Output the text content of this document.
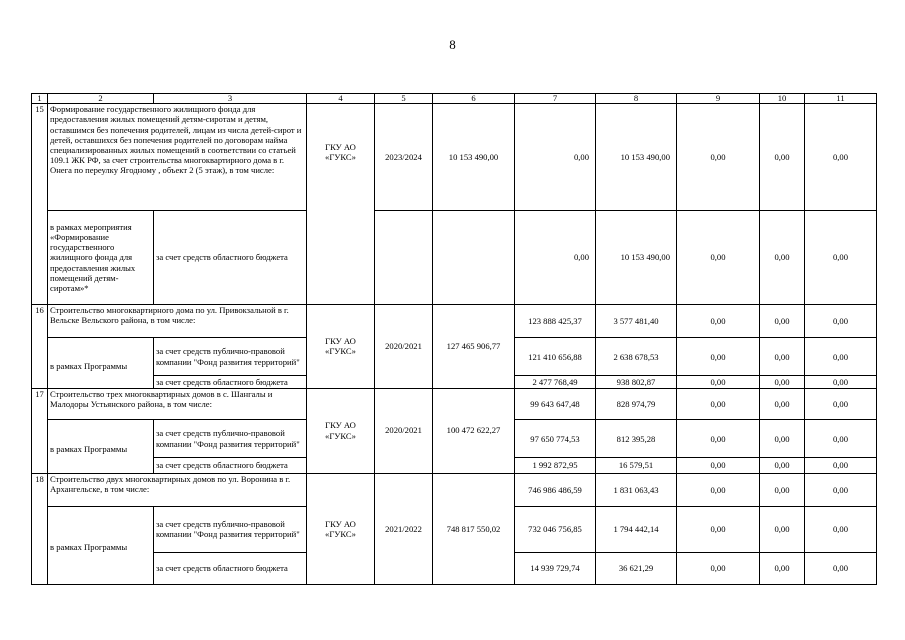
8
1	2	3	4	5	6	7	8	9	10	11
15	Формирование государственного жилищного фонда для предоставления жилых помещений детям-сиротам и детям, оставшимся без попечения родителей, лицам из числа детей-сирот и детей, оставшихся без попечения родителей по договорам найма специализированных жилых помещений в соответствии со статьей 109.1 ЖК РФ, за счет строительства многоквартирного дома в г. Онега по переулку Ягодному , объект 2 (5 этаж), в том числе:		ГКУ АО «ГУКС»	2023/2024	10 153 490,00	0,00	10 153 490,00	0,00	0,00	0,00
	в рамках мероприятия «Формирование государственного жилищного фонда для предоставления жилых помещений детям-сиротам»*	за счет средств областного бюджета				0,00	10 153 490,00	0,00	0,00	0,00
16	Строительство многоквартирного дома по ул. Привокзальной в г. Вельске Вельского района, в том числе:		ГКУ АО «ГУКС»	2020/2021	127 465 906,77	123 888 425,37	3 577 481,40	0,00	0,00	0,00
	в рамках Программы	за счет средств публично-правовой компании "Фонд развития территорий"				121 410 656,88	2 638 678,53	0,00	0,00	0,00
		за счет средств областного бюджета				2 477 768,49	938 802,87	0,00	0,00	0,00
17	Строительство трех многоквартирных домов в с. Шангалы и Малодоры Устьянского района, в том числе:		ГКУ АО «ГУКС»	2020/2021	100 472 622,27	99 643 647,48	828 974,79	0,00	0,00	0,00
	в рамках Программы	за счет средств публично-правовой компании "Фонд развития территорий"				97 650 774,53	812 395,28	0,00	0,00	0,00
		за счет средств областного бюджета				1 992 872,95	16 579,51	0,00	0,00	0,00
18	Строительство двух многоквартирных домов по ул. Воронина в г. Архангельске, в том числе:		ГКУ АО «ГУКС»	2021/2022	748 817 550,02	746 986 486,59	1 831 063,43	0,00	0,00	0,00
	в рамках Программы	за счет средств публично-правовой компании "Фонд развития территорий"				732 046 756,85	1 794 442,14	0,00	0,00	0,00
		за счет средств областного бюджета				14 939 729,74	36 621,29	0,00	0,00	0,00
